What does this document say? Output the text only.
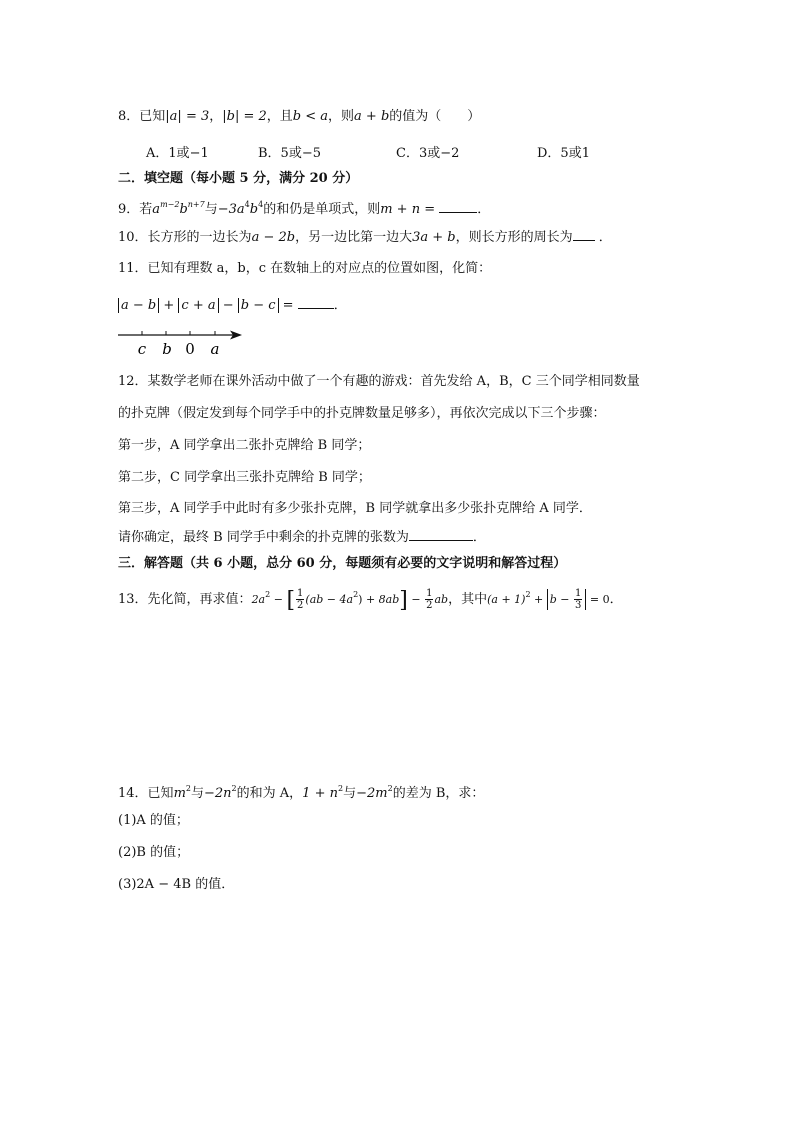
8．已知|a| = 3，|b| = 2，且b < a，则a + b的值为（　　）
A．1或−1	B．5或−5	C．3或−2	D．5或1
二．填空题（每小题 5 分，满分 20 分）
9．若$a^{m-2}b^{n+7}$与$-3a^4b^4$的和仍是单项式，则m + n =	．
10．长方形的一边长为a − 2b，另一边比第一边大3a + b，则长方形的周长为 ．
11．已知有理数 a，b，c 在数轴上的对应点的位置如图，化简：
a − b + c + a − b − c =	．
c b 0 a
12．某数学老师在课外活动中做了一个有趣的游戏：首先发给 A，B，C 三个同学相同数量
的扑克牌（假定发到每个同学手中的扑克牌数量足够多），再依次完成以下三个步骤：
第一步，A 同学拿出二张扑克牌给 B 同学；
第二步，C 同学拿出三张扑克牌给 B 同学；
第三步，A 同学手中此时有多少张扑克牌，B 同学就拿出多少张扑克牌给 A 同学．
请你确定，最终 B 同学手中剩余的扑克牌的张数为	．
三．解答题（共 6 小题，总分 60 分，每题须有必要的文字说明和解答过程）
13．先化简，再求值：$2a^2$ − [ $\frac{1}{2} (ab - 4a^2) + 8ab] - \frac{1}{2}$ ab，其中$(a + 1)^2 + b - \frac{1}{3} = 0$．
14．已知$m^2$与$-2n^2$的和为 A，$1 + n^2$与$-2m^2$的差为 B，求：
(1)A 的值；
(2)B 的值；
(3)2A − 4B 的值．
